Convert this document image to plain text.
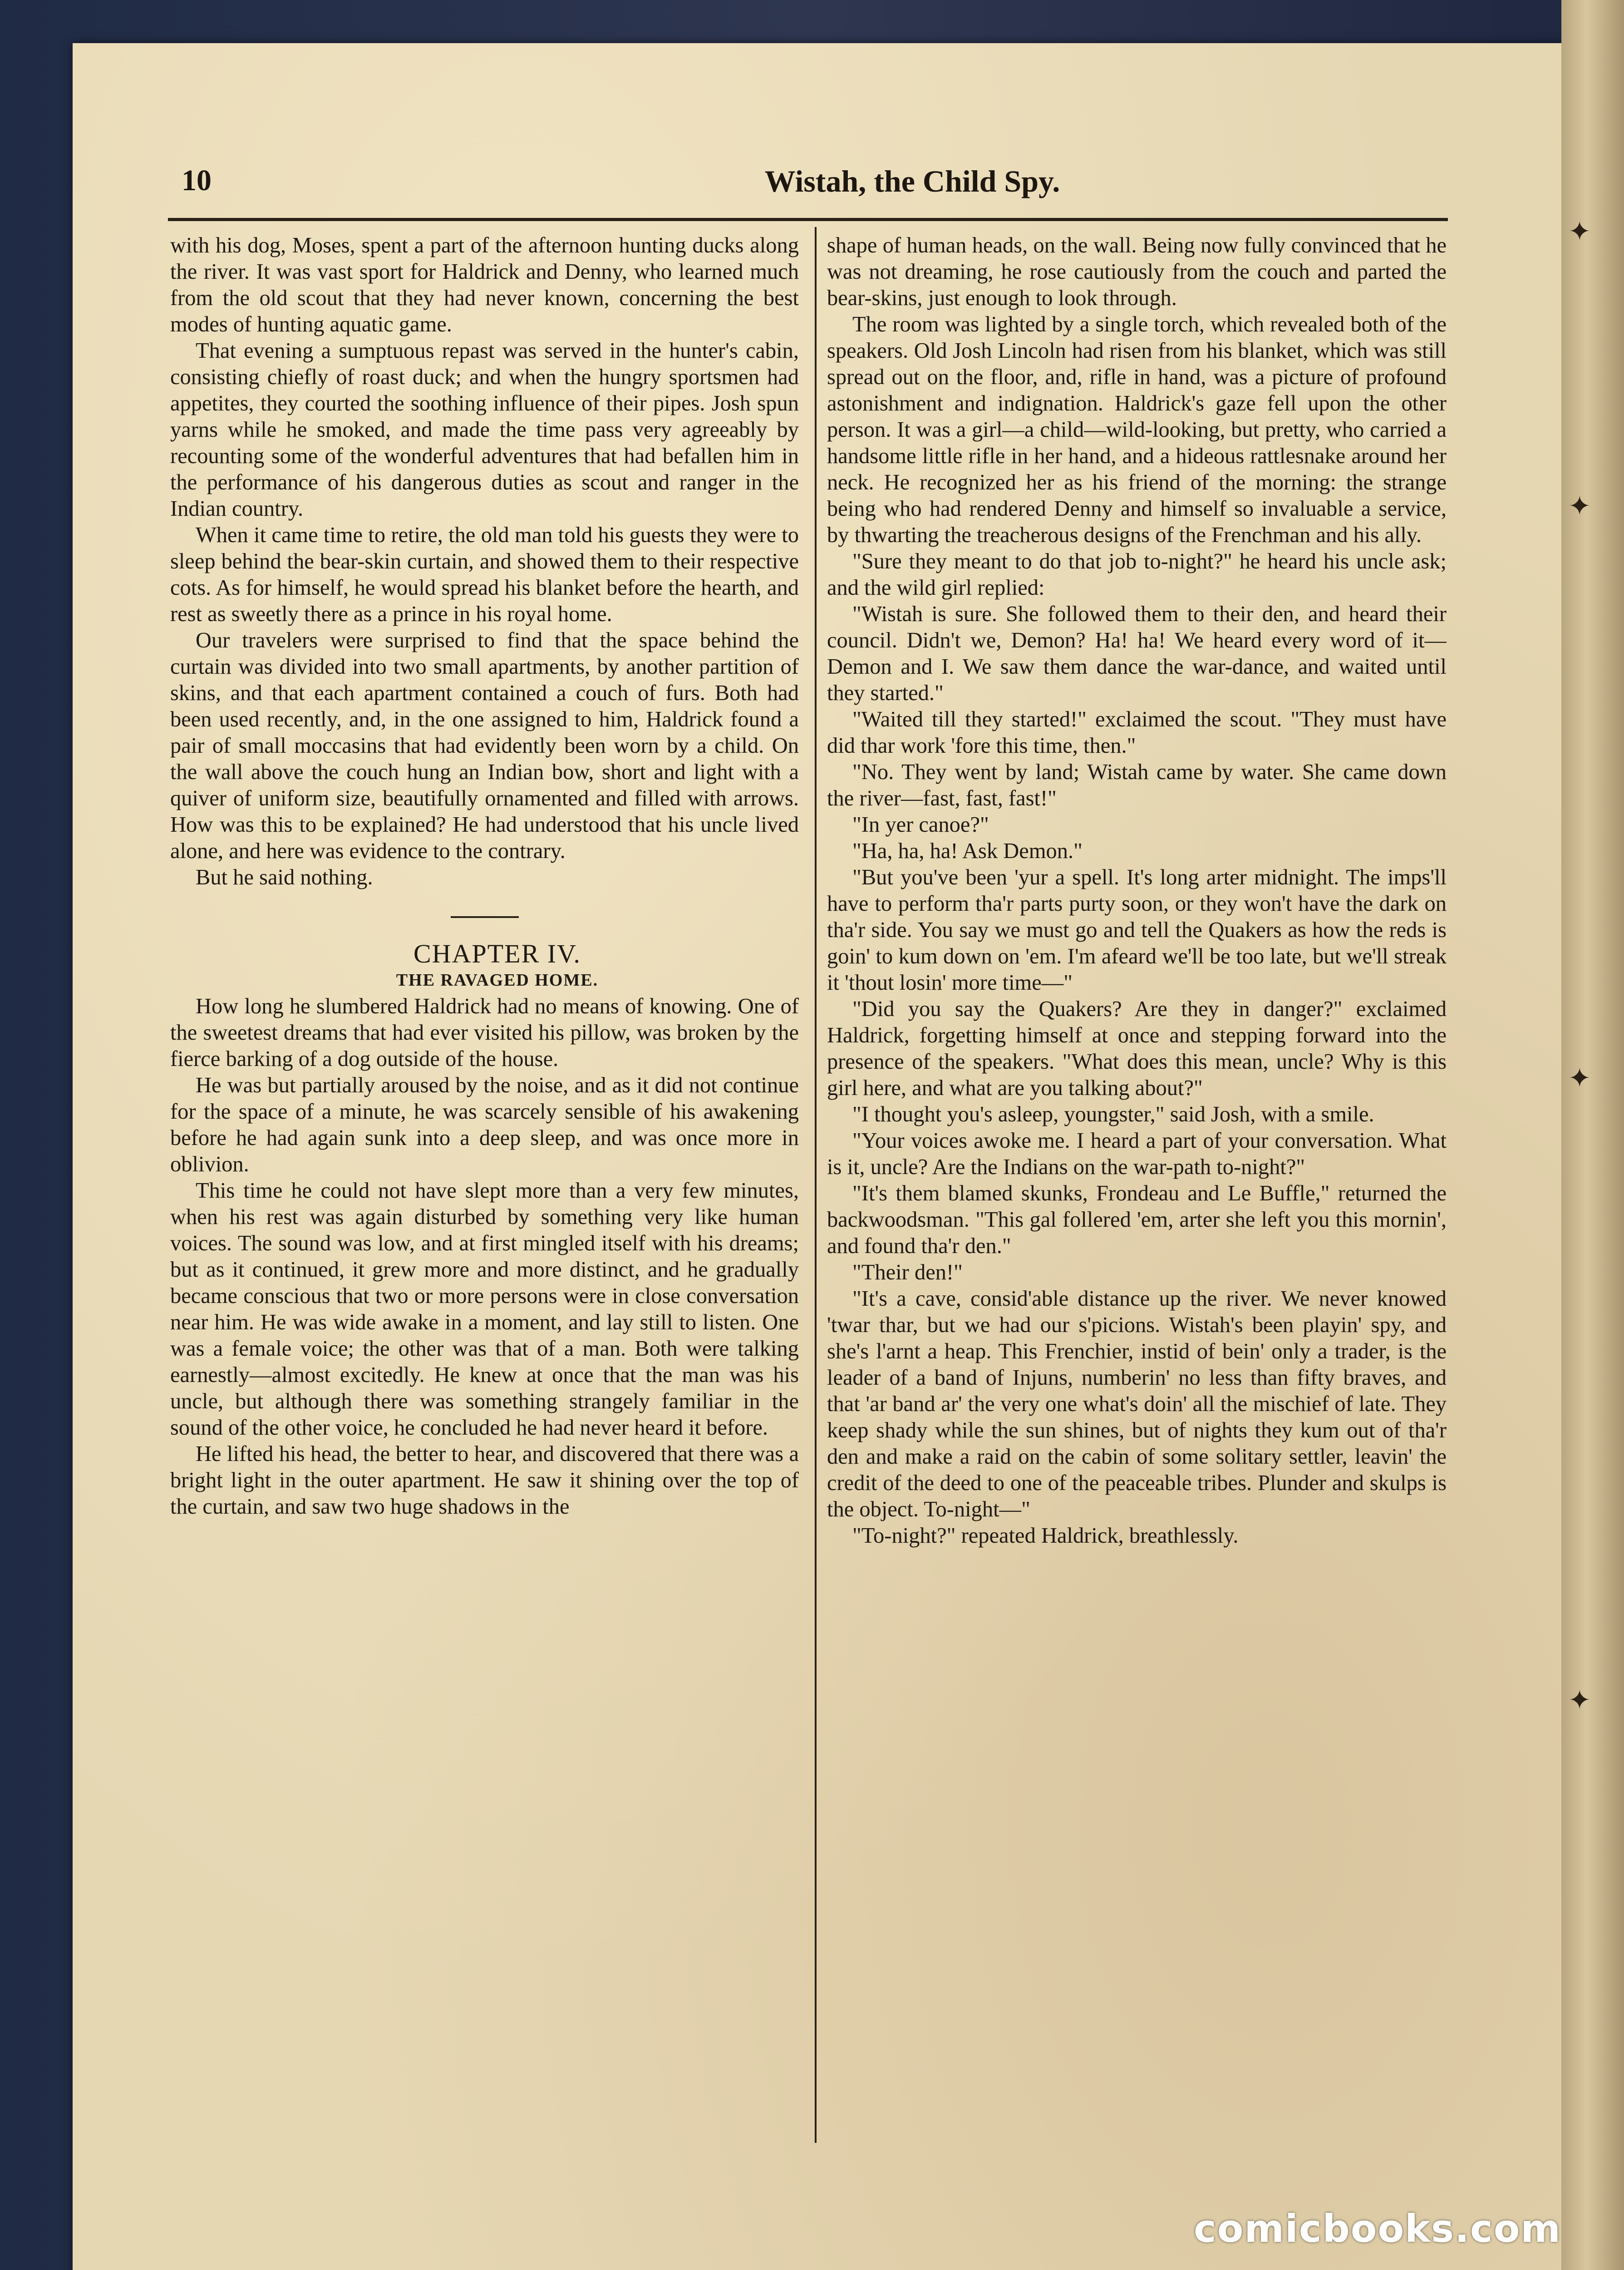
✦
✦
✦
✦
10	Wistah, the Child Spy.

with his dog, Moses, spent a part of the afternoon hunting ducks along the river. It was vast sport for Haldrick and Denny, who learned much from the old scout that they had never known, concerning the best modes of hunting aquatic game.

That evening a sumptuous repast was served in the hunter's cabin, consisting chiefly of roast duck; and when the hungry sportsmen had appetites, they courted the soothing influence of their pipes. Josh spun yarns while he smoked, and made the time pass very agreeably by recounting some of the wonderful adventures that had befallen him in the performance of his dangerous duties as scout and ranger in the Indian country.

When it came time to retire, the old man told his guests they were to sleep behind the bear-skin curtain, and showed them to their respective cots. As for himself, he would spread his blanket before the hearth, and rest as sweetly there as a prince in his royal home.

Our travelers were surprised to find that the space behind the curtain was divided into two small apartments, by another partition of skins, and that each apartment contained a couch of furs. Both had been used recently, and, in the one assigned to him, Haldrick found a pair of small moccasins that had evidently been worn by a child. On the wall above the couch hung an Indian bow, short and light with a quiver of uniform size, beautifully ornamented and filled with arrows. How was this to be explained? He had understood that his uncle lived alone, and here was evidence to the contrary.

But he said nothing.

CHAPTER IV.

THE RAVAGED HOME.

How long he slumbered Haldrick had no means of knowing. One of the sweetest dreams that had ever visited his pillow, was broken by the fierce barking of a dog outside of the house.

He was but partially aroused by the noise, and as it did not continue for the space of a minute, he was scarcely sensible of his awakening before he had again sunk into a deep sleep, and was once more in oblivion.

This time he could not have slept more than a very few minutes, when his rest was again disturbed by something very like human voices. The sound was low, and at first mingled itself with his dreams; but as it continued, it grew more and more distinct, and he gradually became conscious that two or more persons were in close conversation near him. He was wide awake in a moment, and lay still to listen. One was a female voice; the other was that of a man. Both were talking earnestly—almost excitedly. He knew at once that the man was his uncle, but although there was something strangely familiar in the sound of the other voice, he concluded he had never heard it before.

He lifted his head, the better to hear, and discovered that there was a bright light in the outer apartment. He saw it shining over the top of the curtain, and saw two huge shadows in the

shape of human heads, on the wall. Being now fully convinced that he was not dreaming, he rose cautiously from the couch and parted the bear-skins, just enough to look through.

The room was lighted by a single torch, which revealed both of the speakers. Old Josh Lincoln had risen from his blanket, which was still spread out on the floor, and, rifle in hand, was a picture of profound astonishment and indignation. Haldrick's gaze fell upon the other person. It was a girl—a child—wild-looking, but pretty, who carried a handsome little rifle in her hand, and a hideous rattlesnake around her neck. He recognized her as his friend of the morning: the strange being who had rendered Denny and himself so invaluable a service, by thwarting the treacherous designs of the Frenchman and his ally.

"Sure they meant to do that job to-night?" he heard his uncle ask; and the wild girl replied:

"Wistah is sure. She followed them to their den, and heard their council. Didn't we, Demon? Ha! ha! We heard every word of it—Demon and I. We saw them dance the war-dance, and waited until they started."

"Waited till they started!" exclaimed the scout. "They must have did thar work 'fore this time, then."

"No. They went by land; Wistah came by water. She came down the river—fast, fast, fast!"

"In yer canoe?"

"Ha, ha, ha! Ask Demon."

"But you've been 'yur a spell. It's long arter midnight. The imps'll have to perform tha'r parts purty soon, or they won't have the dark on tha'r side. You say we must go and tell the Quakers as how the reds is goin' to kum down on 'em. I'm afeard we'll be too late, but we'll streak it 'thout losin' more time—"

"Did you say the Quakers? Are they in danger?" exclaimed Haldrick, forgetting himself at once and stepping forward into the presence of the speakers. "What does this mean, uncle? Why is this girl here, and what are you talking about?"

"I thought you's asleep, youngster," said Josh, with a smile.

"Your voices awoke me. I heard a part of your conversation. What is it, uncle? Are the Indians on the war-path to-night?"

"It's them blamed skunks, Frondeau and Le Buffle," returned the backwoodsman. "This gal follered 'em, arter she left you this mornin', and found tha'r den."

"Their den!"

"It's a cave, consid'able distance up the river. We never knowed 'twar thar, but we had our s'picions. Wistah's been playin' spy, and she's l'arnt a heap. This Frenchier, instid of bein' only a trader, is the leader of a band of Injuns, numberin' no less than fifty braves, and that 'ar band ar' the very one what's doin' all the mischief of late. They keep shady while the sun shines, but of nights they kum out of tha'r den and make a raid on the cabin of some solitary settler, leavin' the credit of the deed to one of the peaceable tribes. Plunder and skulps is the object. To-night—"

"To-night?" repeated Haldrick, breathlessly.

comicbooks.com
